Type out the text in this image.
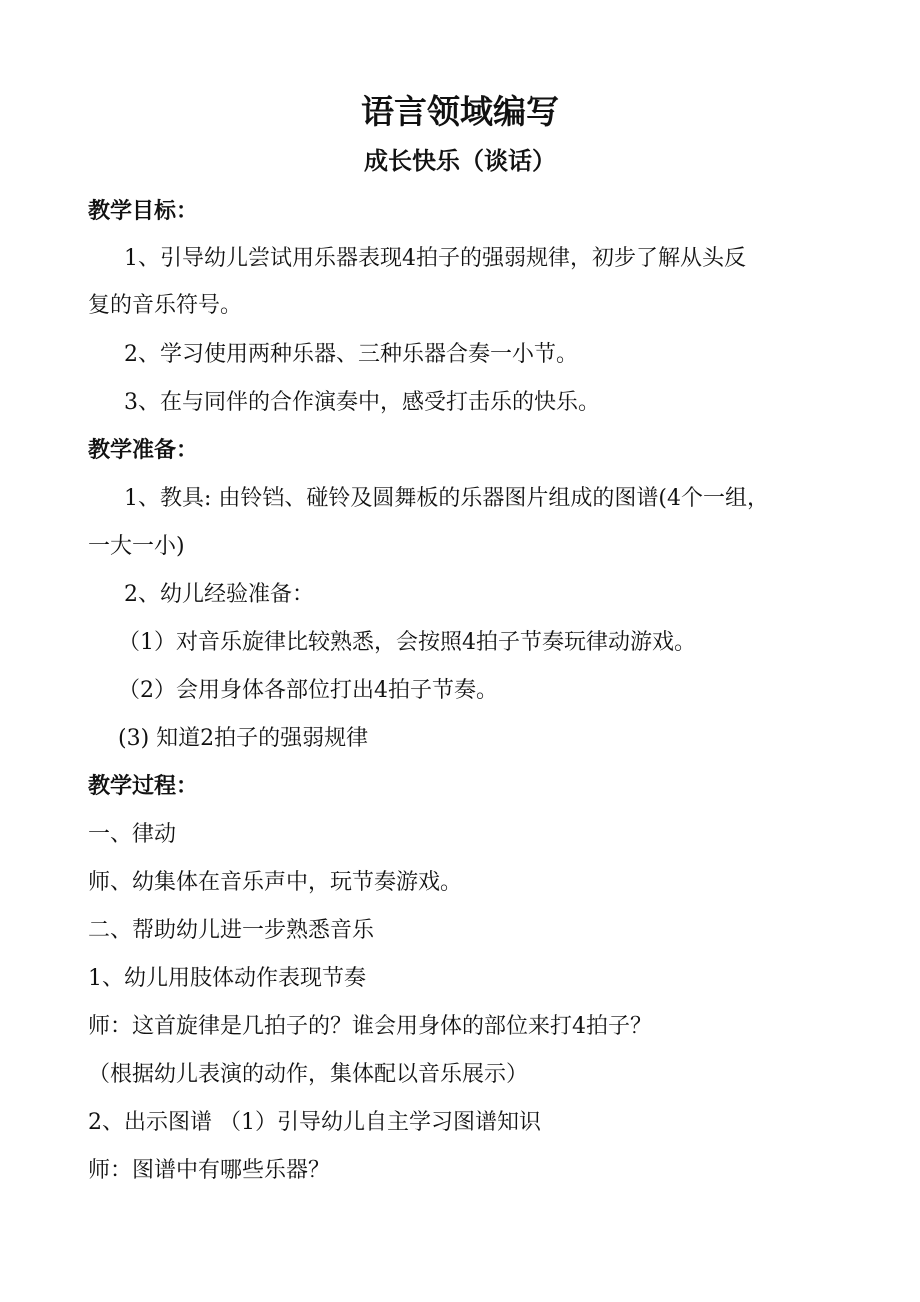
语言领域编写
成长快乐（谈话）
教学目标：
1、引导幼儿尝试用乐器表现4拍子的强弱规律，初步了解从头反
复的音乐符号。
2、学习使用两种乐器、三种乐器合奏一小节。
3、在与同伴的合作演奏中，感受打击乐的快乐。
教学准备：
1、教具: 由铃铛、碰铃及圆舞板的乐器图片组成的图谱(4个一组，
一大一小)
2、幼儿经验准备：
（1）对音乐旋律比较熟悉，会按照4拍子节奏玩律动游戏。
（2）会用身体各部位打出4拍子节奏。
(3) 知道2拍子的强弱规律
教学过程：
一、律动
师、幼集体在音乐声中，玩节奏游戏。
二、帮助幼儿进一步熟悉音乐
1、幼儿用肢体动作表现节奏
师：这首旋律是几拍子的？谁会用身体的部位来打4拍子？
（根据幼儿表演的动作，集体配以音乐展示）
2、出示图谱 （1）引导幼儿自主学习图谱知识
师：图谱中有哪些乐器？
